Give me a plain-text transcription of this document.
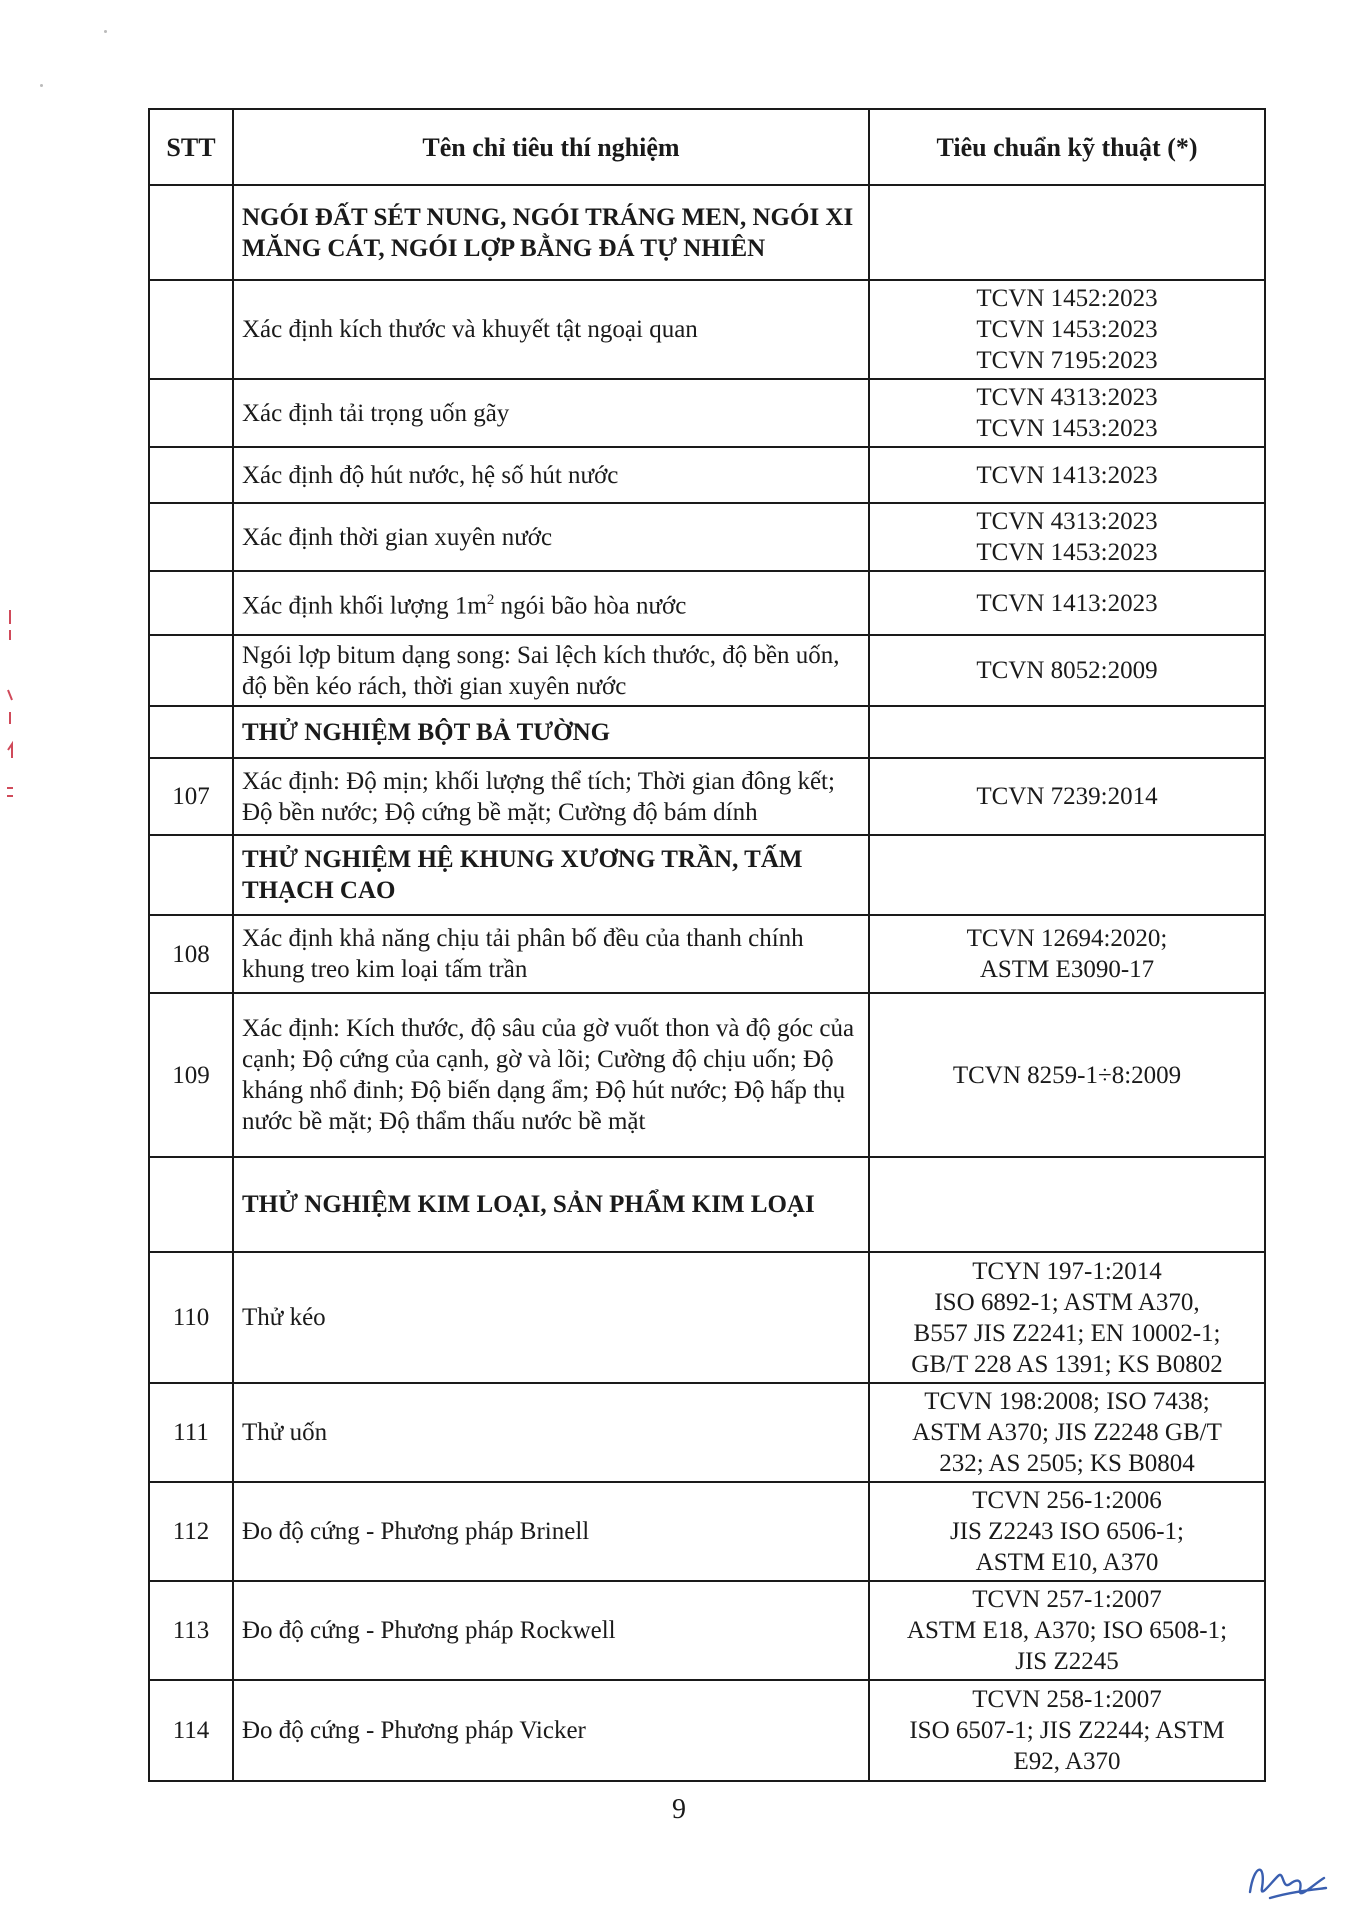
STT	Tên chỉ tiêu thí nghiệm	Tiêu chuẩn kỹ thuật (*)
	NGÓI ĐẤT SÉT NUNG, NGÓI TRÁNG MEN, NGÓI XI MĂNG CÁT, NGÓI LỢP BẰNG ĐÁ TỰ NHIÊN	
	Xác định kích thước và khuyết tật ngoại quan	TCVN 1452:2023
TCVN 1453:2023
TCVN 7195:2023

	Xác định tải trọng uốn gãy	TCVN 4313:2023
TCVN 1453:2023

	Xác định độ hút nước, hệ số hút nước	TCVN 1413:2023

	Xác định thời gian xuyên nước	TCVN 4313:2023
TCVN 1453:2023

	Xác định khối lượng $1m^2$ ngói bão hòa nước	TCVN 1413:2023

	Ngói lợp bitum dạng song: Sai lệch kích thước, độ bền uốn, độ bền kéo rách, thời gian xuyên nước	TCVN 8052:2009

	THỬ NGHIỆM BỘT BẢ TƯỜNG	
107	Xác định: Độ mịn; khối lượng thể tích; Thời gian đông kết; Độ bền nước; Độ cứng bề mặt; Cường độ bám dính	TCVN 7239:2014

	THỬ NGHIỆM HỆ KHUNG XƯƠNG TRẦN, TẤM THẠCH CAO	
108	Xác định khả năng chịu tải phân bố đều của thanh chính khung treo kim loại tấm trần	TCVN 12694:2020;
ASTM E3090-17

109	Xác định: Kích thước, độ sâu của gờ vuốt thon và độ góc của cạnh; Độ cứng của cạnh, gờ và lõi; Cường độ chịu uốn; Độ kháng nhổ đinh; Độ biến dạng ẩm; Độ hút nước; Độ hấp thụ nước bề mặt; Độ thẩm thấu nước bề mặt	TCVN 8259-1÷8:2009

	THỬ NGHIỆM KIM LOẠI, SẢN PHẨM KIM LOẠI	
110	Thử kéo	TCYN 197-1:2014
ISO 6892-1; ASTM A370,
B557 JIS Z2241; EN 10002-1;
GB/T 228 AS 1391; KS B0802

111	Thử uốn	TCVN 198:2008; ISO 7438;
ASTM A370; JIS Z2248 GB/T
232; AS 2505; KS B0804

112	Đo độ cứng - Phương pháp Brinell	TCVN 256-1:2006
JIS Z2243 ISO 6506-1;
ASTM E10, A370

113	Đo độ cứng - Phương pháp Rockwell	TCVN 257-1:2007
ASTM E18, A370; ISO 6508-1;
JIS Z2245

114	Đo độ cứng - Phương pháp Vicker	TCVN 258-1:2007
ISO 6507-1; JIS Z2244; ASTM
E92, A370
9
